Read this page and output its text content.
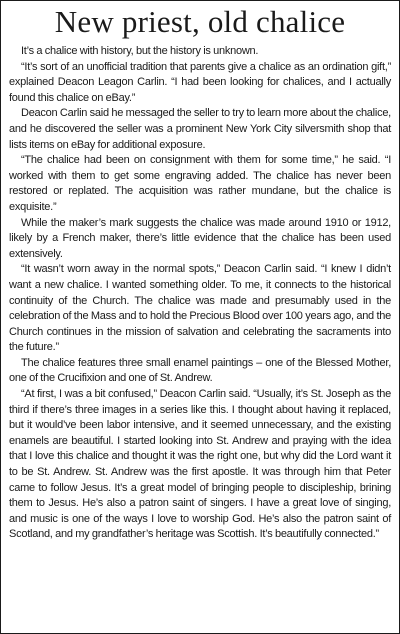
New priest, old chalice

It’s a chalice with history, but the history is unknown.

“It’s sort of an unofficial tradition that parents give a chalice as an ordination gift,” explained Deacon Leagon Carlin. “I had been looking for chalices, and I actually found this chalice on eBay.”

Deacon Carlin said he messaged the seller to try to learn more about the chalice, and he discovered the seller was a prominent New York City silversmith shop that lists items on eBay for additional exposure.

“The chalice had been on consignment with them for some time,” he said. “I worked with them to get some engraving added. The chalice has never been restored or replated. The acquisition was rather mundane, but the chalice is exquisite.”

While the maker’s mark suggests the chalice was made around 1910 or 1912, likely by a French maker, there’s little evidence that the chalice has been used extensively.

“It wasn’t worn away in the normal spots,” Deacon Carlin said. “I knew I didn’t want a new chalice. I wanted something older. To me, it connects to the historical continuity of the Church. The chalice was made and presumably used in the celebration of the Mass and to hold the Precious Blood over 100 years ago, and the Church continues in the mission of salvation and celebrating the sacraments into the future.”

The chalice features three small enamel paintings – one of the Blessed Mother, one of the Crucifixion and one of St. Andrew.

“At first, I was a bit confused,” Deacon Carlin said. “Usually, it’s St. Joseph as the third if there’s three images in a series like this. I thought about having it replaced, but it would’ve been labor intensive, and it seemed unnecessary, and the existing enamels are beautiful. I started looking into St. Andrew and praying with the idea that I love this chalice and thought it was the right one, but why did the Lord want it to be St. Andrew. St. Andrew was the first apostle. It was through him that Peter came to follow Jesus. It’s a great model of bringing people to discipleship, brining them to Jesus. He’s also a patron saint of singers. I have a great love of singing, and music is one of the ways I love to worship God. He’s also the patron saint of Scotland, and my grandfather’s heritage was Scottish. It’s beautifully connected.”
